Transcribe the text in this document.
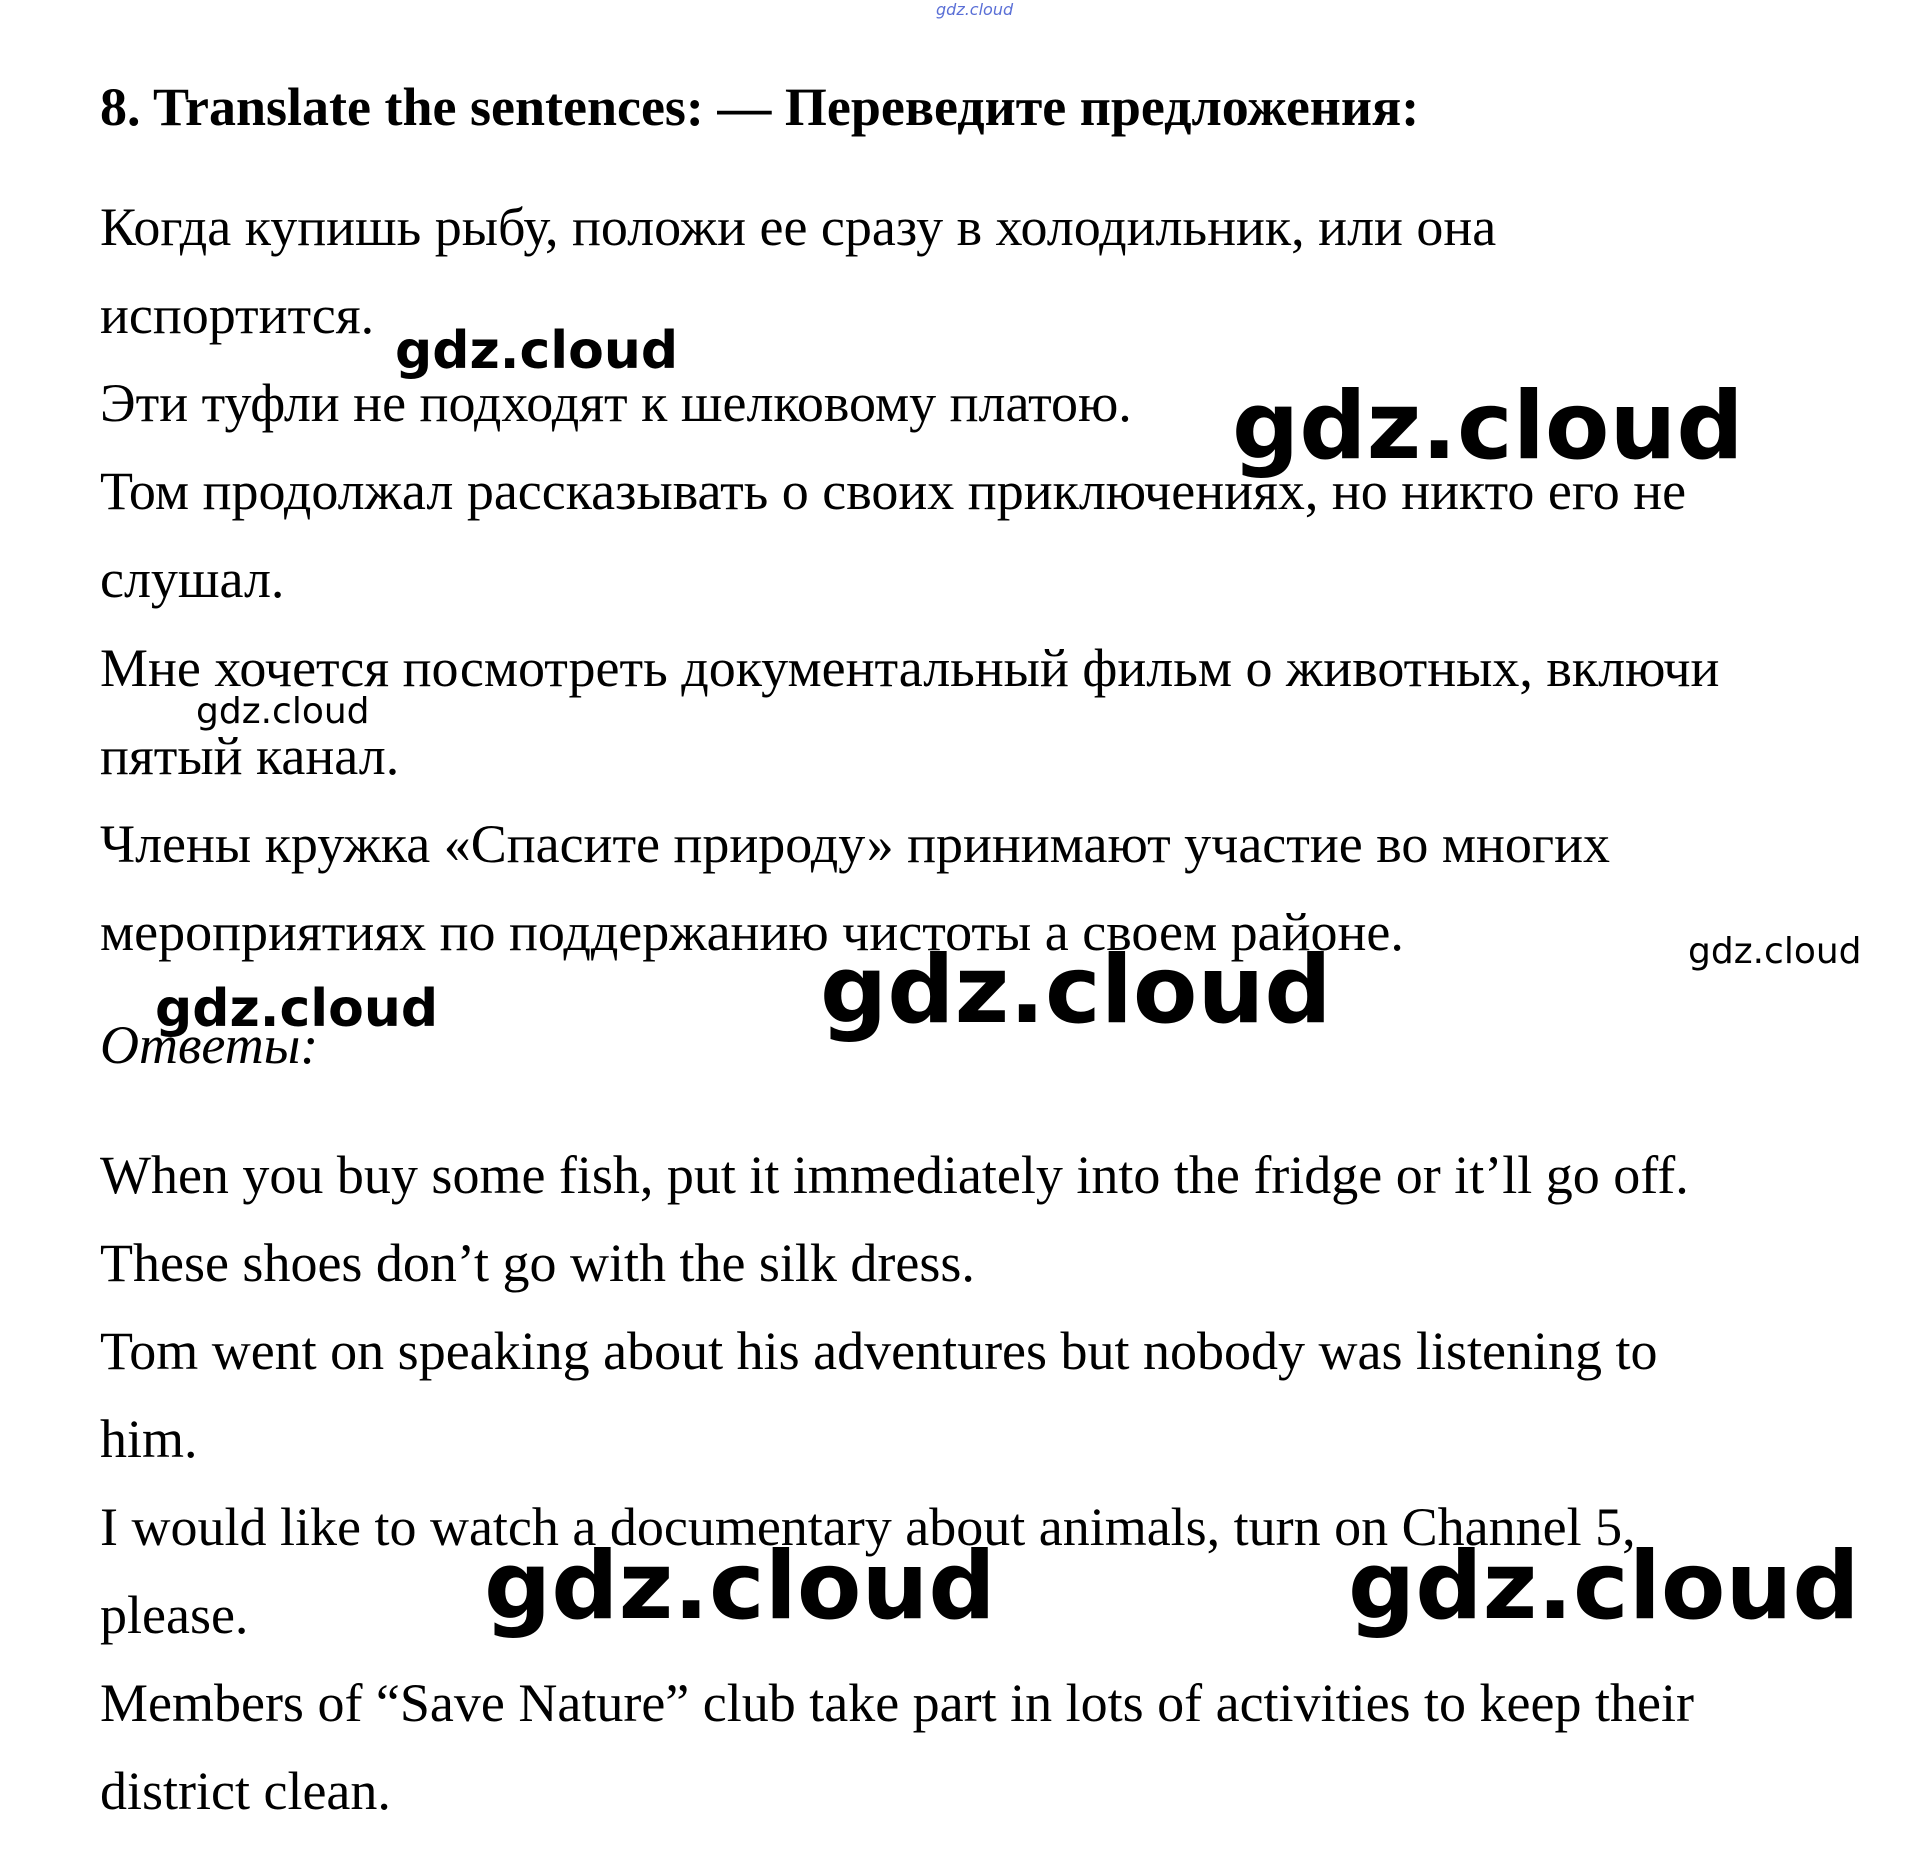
gdz.cloud
8. Translate the sentences: — Переведите предложения:
Когда купишь рыбу, положи ее сразу в холодильник, или она
испортится.
Эти туфли не подходят к шелковому платою.
Том продолжал рассказывать о своих приключениях, но никто его не
слушал.
Мне хочется посмотреть документальный фильм о животных, включи
пятый канал.
Члены кружка «Спасите природу» принимают участие во многих
мероприятиях по поддержанию чистоты а своем районе.
Ответы:
When you buy some fish, put it immediately into the fridge or it’ll go off.
These shoes don’t go with the silk dress.
Tom went on speaking about his adventures but nobody was listening to
him.
I would like to watch a documentary about animals, turn on Channel 5,
please.
Members of “Save Nature” club take part in lots of activities to keep their
district clean.
gdz.cloud
gdz.cloud
gdz.cloud
gdz.cloud
gdz.cloud	gdz.cloud
gdz.cloud	gdz.cloud
